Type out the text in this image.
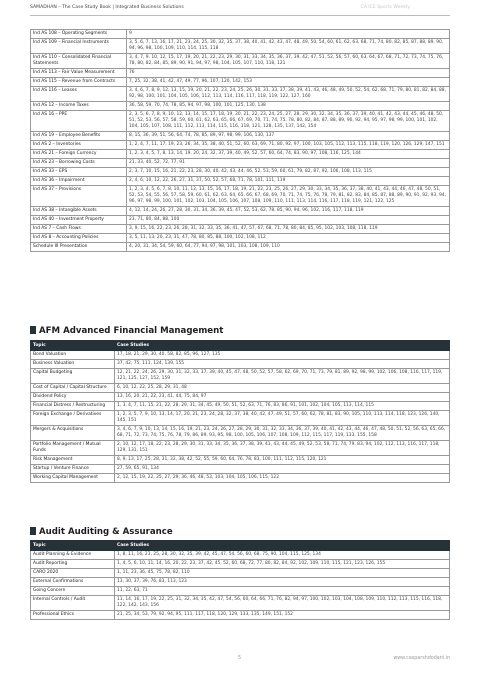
SAMADHAN – The Case Study Book | Integrated Business Solutions	CA ICE Sports Weekly
Ind AS 108 – Operating Segments	9
Ind AS 109 – Financial Instruments	3, 5, 6, 7, 13, 16, 17, 21, 23, 24, 25, 30, 32, 35, 37, 38, 40, 41, 42, 43, 47, 48, 49, 50, 54, 60, 61, 62, 63, 68, 71, 74, 80, 82, 85, 87, 88, 89, 90, 94, 96, 98, 100, 109, 110, 114, 115, 118
Ind AS 110 – Consolidated Financial Statements	3, 4, 7, 9, 10, 12, 15, 17, 19, 20, 21, 22, 23, 29, 30, 31, 33, 34, 35, 36, 37, 39, 42, 47, 51, 52, 56, 57, 60, 63, 64, 67, 68, 71, 72, 73, 74, 75, 76, 78, 80, 82, 84, 85, 89, 90, 91, 94, 97, 98, 104, 105, 107, 110, 118, 121
Ind AS 113 – Fair Value Measurement	76
Ind AS 115 – Revenue from Contracts	7, 25, 32, 38, 41, 42, 47, 49, 77, 96, 107, 120, 142, 153
Ind AS 116 – Leases	3, 4, 6, 7, 8, 9, 12, 13, 15, 19, 20, 21, 22, 23, 24, 25, 26, 30, 31, 33, 37, 38, 39, 41, 43, 46, 48, 49, 50, 52, 54, 62, 68, 71, 79, 80, 81, 82, 84, 88, 92, 98, 100, 101, 104, 105, 106, 112, 113, 114, 116, 117, 118, 119, 122, 127, 160
Ind AS 12 – Income Taxes	36, 58, 59, 70, 74, 78, 85, 94, 97, 98, 100, 101, 125, 130, 138
Ind AS 16 – PPE	2, 3, 5, 6, 7, 8, 9, 10, 12, 13, 14, 15, 17, 18, 19, 20, 21, 22, 23, 24, 25, 27, 28, 29, 30, 32, 34, 35, 36, 37, 39, 40, 41, 42, 43, 44, 45, 46, 48, 50, 51, 52, 53, 56, 57, 58, 59, 60, 61, 62, 63, 65, 66, 67, 69, 70, 71, 74, 75, 78, 80, 82, 84, 87, 88, 89, 90, 92, 94, 95, 97, 98, 99, 100, 101, 102, 104, 105, 107, 108, 111, 112, 113, 114, 115, 116, 118, 121, 128, 135, 137, 142, 154
Ind AS 19 – Employee Benefits	8, 15, 36, 39, 51, 56, 64, 74, 78, 85, 89, 97, 98, 99, 106, 130, 137
Ind AS 2 – Inventories	1, 2, 4, 7, 11, 17, 19, 23, 26, 34, 35, 38, 40, 51, 52, 60, 63, 69, 71, 80, 92, 97, 100, 103, 105, 112, 113, 115, 118, 119, 120, 126, 129, 147, 151
Ind AS 21 – Foreign Currency	1, 2, 3, 4, 5, 7, 8, 13, 14, 19, 20, 24, 32, 37, 39, 40, 49, 52, 57, 60, 64, 74, 83, 90, 97, 108, 116, 125, 144
Ind AS 23 – Borrowing Costs	21, 33, 40, 52, 72, 77, 91
Ind AS 33 – EPS	2, 3, 7, 10, 15, 16, 21, 22, 23, 28, 30, 40, 42, 43, 44, 46, 52, 53, 59, 60, 61, 79, 82, 87, 92, 106, 108, 113, 115
Ind AS 36 – Impairment	2, 4, 6, 10, 12, 22, 26, 27, 31, 37, 50, 52, 57, 68, 71, 78, 101, 111, 119
Ind AS 37 – Provisions	1, 2, 3, 4, 5, 6, 7, 8, 10, 11, 12, 13, 15, 16, 17, 18, 19, 21, 22, 23, 25, 26, 27, 29, 30, 33, 34, 35, 36, 37, 38, 40, 41, 43, 44, 46, 47, 48, 50, 51, 52, 53, 54, 55, 56, 57, 58, 59, 60, 61, 62, 63, 64, 65, 66, 67, 68, 69, 70, 71, 74, 75, 76, 78, 79, 81, 82, 83, 84, 85, 87, 88, 89, 90, 91, 92, 93, 94, 96, 97, 98, 99, 100, 101, 102, 103, 104, 105, 106, 107, 108, 109, 110, 111, 113, 114, 116, 117, 118, 119, 121, 122, 125
Ind AS 38 – Intangible Assets	4, 12, 14, 24, 26, 27, 28, 30, 31, 34, 36, 39, 45, 47, 52, 53, 62, 78, 85, 90, 94, 96, 102, 116, 117, 118, 119
Ind AS 40 – Investment Property	23, 71, 80, 84, 88, 100
Ind AS 7 – Cash Flows	3, 9, 15, 16, 22, 23, 26, 28, 31, 32, 33, 35, 36, 41, 47, 57, 67, 68, 71, 78, 80, 84, 85, 95, 102, 103, 108, 118, 119
Ind AS 8 – Accounting Policies	3, 5, 11, 13, 20, 23, 31, 47, 78, 80, 85, 88, 100, 102, 108, 112
Schedule III Presentation	4, 20, 31, 34, 54, 59, 60, 64, 77, 94, 97, 98, 101, 103, 108, 109, 110
AFM Advanced Financial Management
Topic	Case Studies
Bond Valuation	17, 18, 21, 29, 30, 40, 58, 82, 85, 96, 127, 135
Business Valuation	37, 42, 75, 111, 124, 139, 155
Capital Budgeting	12, 21, 22, 24, 26, 29, 30, 31, 32, 33, 37, 39, 40, 45, 47, 48, 50, 52, 57, 58, 62, 69, 70, 71, 73, 79, 81, 89, 92, 98, 99, 102, 106, 108, 116, 117, 119, 121, 125, 127, 152, 159
Cost of Capital / Capital Structure	6, 10, 12, 22, 25, 28, 29, 31, 48
Dividend Policy	13, 16, 20, 21, 22, 23, 41, 44, 75, 84, 97
Financial Distress / Restructuring	1, 3, 4, 7, 11, 15, 21, 22, 28, 29, 31, 34, 45, 49, 50, 51, 52, 63, 71, 76, 83, 86, 91, 101, 102, 104, 105, 113, 114, 115
Foreign Exchange / Derivatives	1, 2, 3, 5, 7, 9, 10, 13, 14, 17, 20, 21, 23, 24, 28, 32, 37, 38, 40, 42, 47, 49, 51, 57, 60, 62, 78, 81, 83, 90, 105, 110, 113, 114, 118, 123, 126, 140, 145, 151
Mergers & Acquisitions	3, 4, 6, 7, 9, 10, 13, 14, 15, 16, 19, 21, 23, 24, 26, 27, 28, 29, 30, 31, 32, 33, 34, 36, 37, 39, 40, 41, 42, 43, 44, 46, 47, 48, 50, 51, 52, 56, 63, 65, 66, 68, 71, 72, 73, 74, 75, 76, 78, 79, 86, 89, 93, 95, 98, 100, 105, 106, 107, 108, 109, 112, 115, 117, 119, 133, 155, 158
Portfolio Management / Mutual Funds	2, 10, 12, 17, 18, 22, 23, 28, 29, 30, 31, 33, 34, 35, 36, 37, 38, 39, 41, 43, 44, 45, 49, 52, 53, 58, 71, 74, 79, 83, 94, 102, 112, 113, 116, 117, 118, 129, 131, 151
Risk Management	8, 9, 13, 17, 25, 28, 31, 32, 38, 42, 52, 55, 59, 60, 64, 76, 78, 83, 100, 111, 112, 115, 120, 121
Startup / Venture Finance	27, 59, 65, 91, 134
Working Capital Management	2, 12, 15, 19, 22, 25, 27, 29, 36, 46, 48, 53, 103, 104, 105, 106, 115, 122
Audit Auditing & Assurance
Topic	Case Studies
Audit Planning & Evidence	1, 8, 11, 16, 23, 25, 28, 30, 32, 35, 39, 42, 45, 47, 54, 56, 60, 68, 75, 90, 104, 115, 125, 134
Audit Reporting	1, 4, 5, 6, 10, 11, 14, 16, 20, 22, 23, 37, 42, 45, 52, 60, 68, 72, 77, 80, 82, 84, 92, 102, 109, 110, 115, 121, 123, 126, 155
CARO 2020	1, 11, 23, 36, 45, 75, 78, 82, 110
External Confirmations	13, 30, 37, 39, 76, 83, 113, 123
Going Concern	11, 22, 63, 71
Internal Controls / Audit	11, 14, 16, 17, 19, 22, 25, 31, 32, 34, 35, 42, 47, 54, 56, 60, 64, 66, 71, 76, 82, 94, 97, 100, 102, 103, 104, 108, 109, 110, 112, 113, 115, 116, 118, 122, 142, 143, 156
Professional Ethics	21, 25, 34, 53, 79, 92, 94, 95, 111, 117, 118, 120, 129, 133, 135, 149, 151, 152
5	www.casparshdodani.in
